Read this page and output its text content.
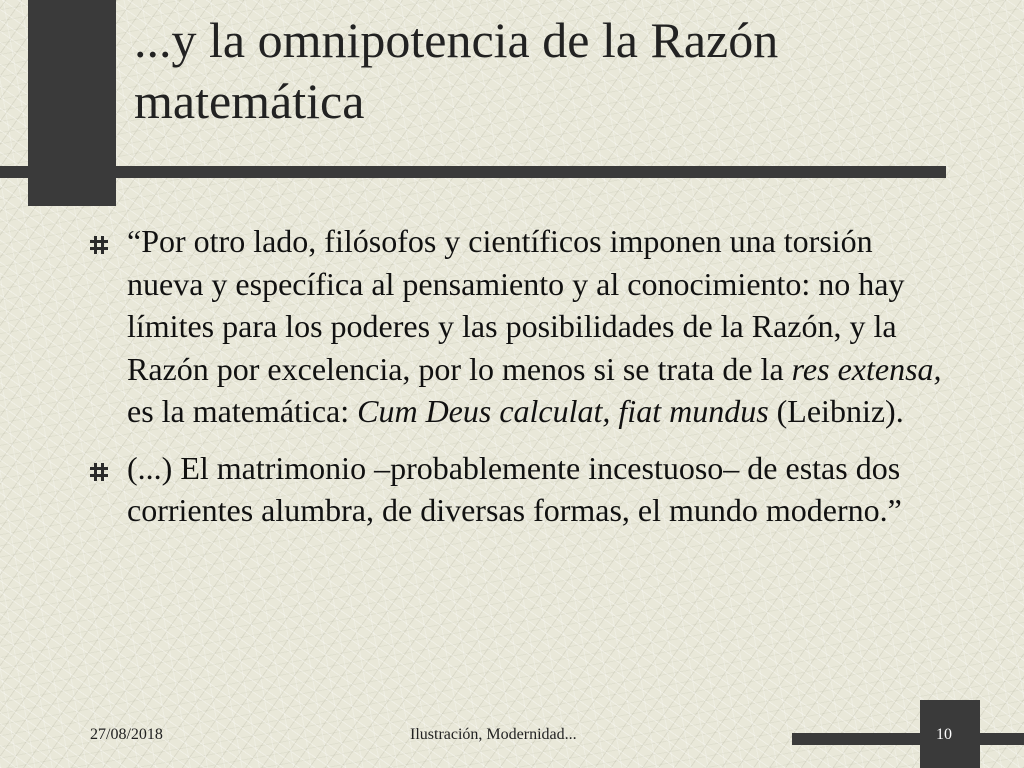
...y la omnipotencia de la Razón matemática
“Por otro lado, filósofos y científicos imponen una torsión nueva y específica al pensamiento y al conocimiento: no hay límites para los poderes y las posibilidades de la Razón, y la Razón por excelencia, por lo menos si se trata de la res extensa, es la matemática: Cum Deus calculat, fiat mundus (Leibniz).
(...) El matrimonio –probablemente incestuoso– de estas dos corrientes alumbra, de diversas formas, el mundo moderno.”
27/08/2018	Ilustración, Modernidad...	10
